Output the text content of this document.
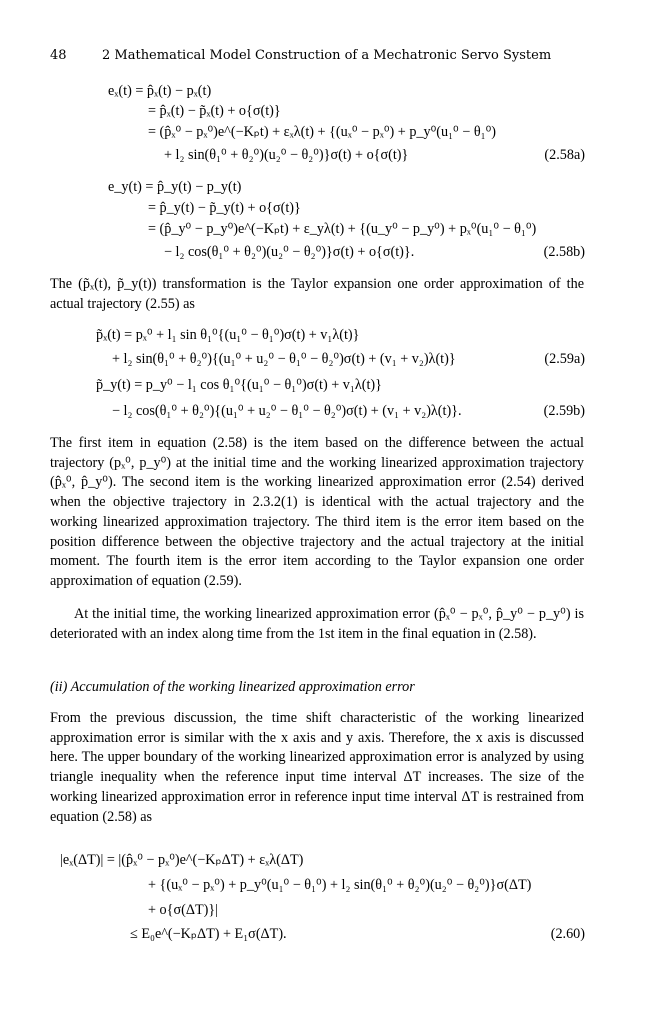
48	2 Mathematical Model Construction of a Mechatronic Servo System
eₓ(t) = p̂ₓ(t) − pₓ(t)
= p̂ₓ(t) − p̃ₓ(t) + o{σ(t)}
= (p̂ₓ⁰ − pₓ⁰)e^(−Kₚt) + εₓλ(t) + {(uₓ⁰ − pₓ⁰) + p_y⁰(u₁⁰ − θ₁⁰)
+ l₂ sin(θ₁⁰ + θ₂⁰)(u₂⁰ − θ₂⁰)}σ(t) + o{σ(t)}	(2.58a)
e_y(t) = p̂_y(t) − p_y(t)
= p̂_y(t) − p̃_y(t) + o{σ(t)}
= (p̂_y⁰ − p_y⁰)e^(−Kₚt) + ε_yλ(t) + {(u_y⁰ − p_y⁰) + pₓ⁰(u₁⁰ − θ₁⁰)
− l₂ cos(θ₁⁰ + θ₂⁰)(u₂⁰ − θ₂⁰)}σ(t) + o{σ(t)}.	(2.58b)
The (p̃ₓ(t), p̃_y(t)) transformation is the Taylor expansion one order approximation of the actual trajectory (2.55) as
p̃ₓ(t) = pₓ⁰ + l₁ sin θ₁⁰{(u₁⁰ − θ₁⁰)σ(t) + v₁λ(t)}
+ l₂ sin(θ₁⁰ + θ₂⁰){(u₁⁰ + u₂⁰ − θ₁⁰ − θ₂⁰)σ(t) + (v₁ + v₂)λ(t)}	(2.59a)
p̃_y(t) = p_y⁰ − l₁ cos θ₁⁰{(u₁⁰ − θ₁⁰)σ(t) + v₁λ(t)}
− l₂ cos(θ₁⁰ + θ₂⁰){(u₁⁰ + u₂⁰ − θ₁⁰ − θ₂⁰)σ(t) + (v₁ + v₂)λ(t)}.	(2.59b)
The first item in equation (2.58) is the item based on the difference between the actual trajectory (pₓ⁰, p_y⁰) at the initial time and the working linearized approximation trajectory (p̂ₓ⁰, p̂_y⁰). The second item is the working linearized approximation error (2.54) derived when the objective trajectory in 2.3.2(1) is identical with the actual trajectory and the working linearized approximation trajectory. The third item is the error item based on the position difference between the objective trajectory and the actual trajectory at the initial moment. The fourth item is the error item according to the Taylor expansion one order approximation of equation (2.59).
At the initial time, the working linearized approximation error (p̂ₓ⁰ − pₓ⁰, p̂_y⁰ − p_y⁰) is deteriorated with an index along time from the 1st item in the final equation in (2.58).
(ii) Accumulation of the working linearized approximation error
From the previous discussion, the time shift characteristic of the working linearized approximation error is similar with the x axis and y axis. Therefore, the x axis is discussed here. The upper boundary of the working linearized approximation error is analyzed by using triangle inequality when the reference input time interval ΔT increases. The size of the working linearized approximation error in reference input time interval ΔT is restrained from equation (2.58) as
|eₓ(ΔT)| = |(p̂ₓ⁰ − pₓ⁰)e^(−KₚΔT) + εₓλ(ΔT)
+ {(uₓ⁰ − pₓ⁰) + p_y⁰(u₁⁰ − θ₁⁰) + l₂ sin(θ₁⁰ + θ₂⁰)(u₂⁰ − θ₂⁰)}σ(ΔT)
+ o{σ(ΔT)}|
≤ E₀e^(−KₚΔT) + E₁σ(ΔT).	(2.60)
